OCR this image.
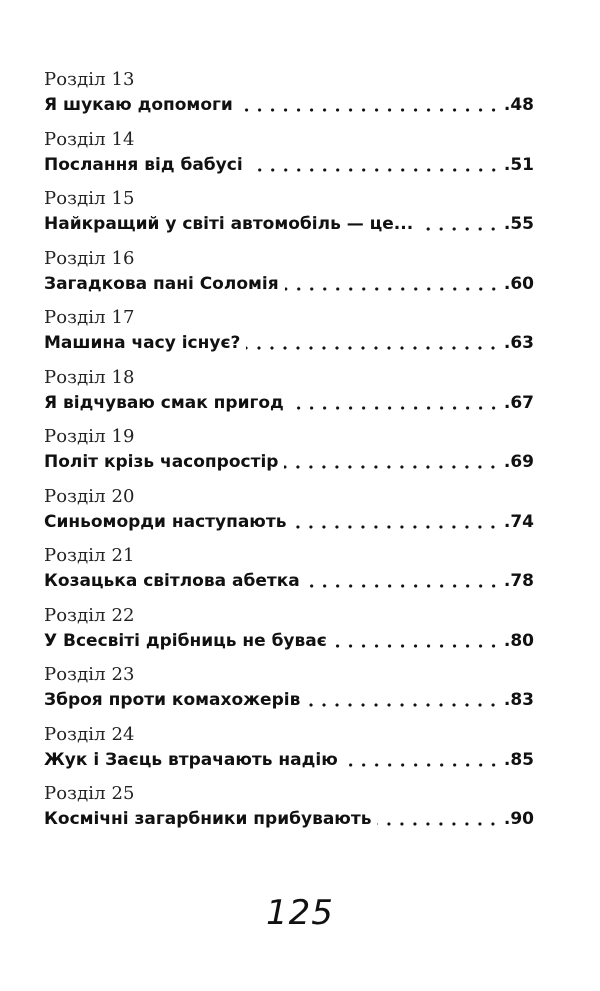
Розділ 13
Я шукаю допомоги	.48
Розділ 14
Послання від бабусі	.51
Розділ 15
Найкращий у світі автомобіль — це...	.55
Розділ 16
Загадкова пані Соломія	.60
Розділ 17
Машина часу існує?	.63
Розділ 18
Я відчуваю смак пригод	.67
Розділ 19
Політ крізь часопростір	.69
Розділ 20
Синьоморди наступають	.74
Розділ 21
Козацька світлова абетка	.78
Розділ 22
У Всесвіті дрібниць не буває	.80
Розділ 23
Зброя проти комахожерів	.83
Розділ 24
Жук і Заєць втрачають надію	.85
Розділ 25
Космічні загарбники прибувають	.90
125
